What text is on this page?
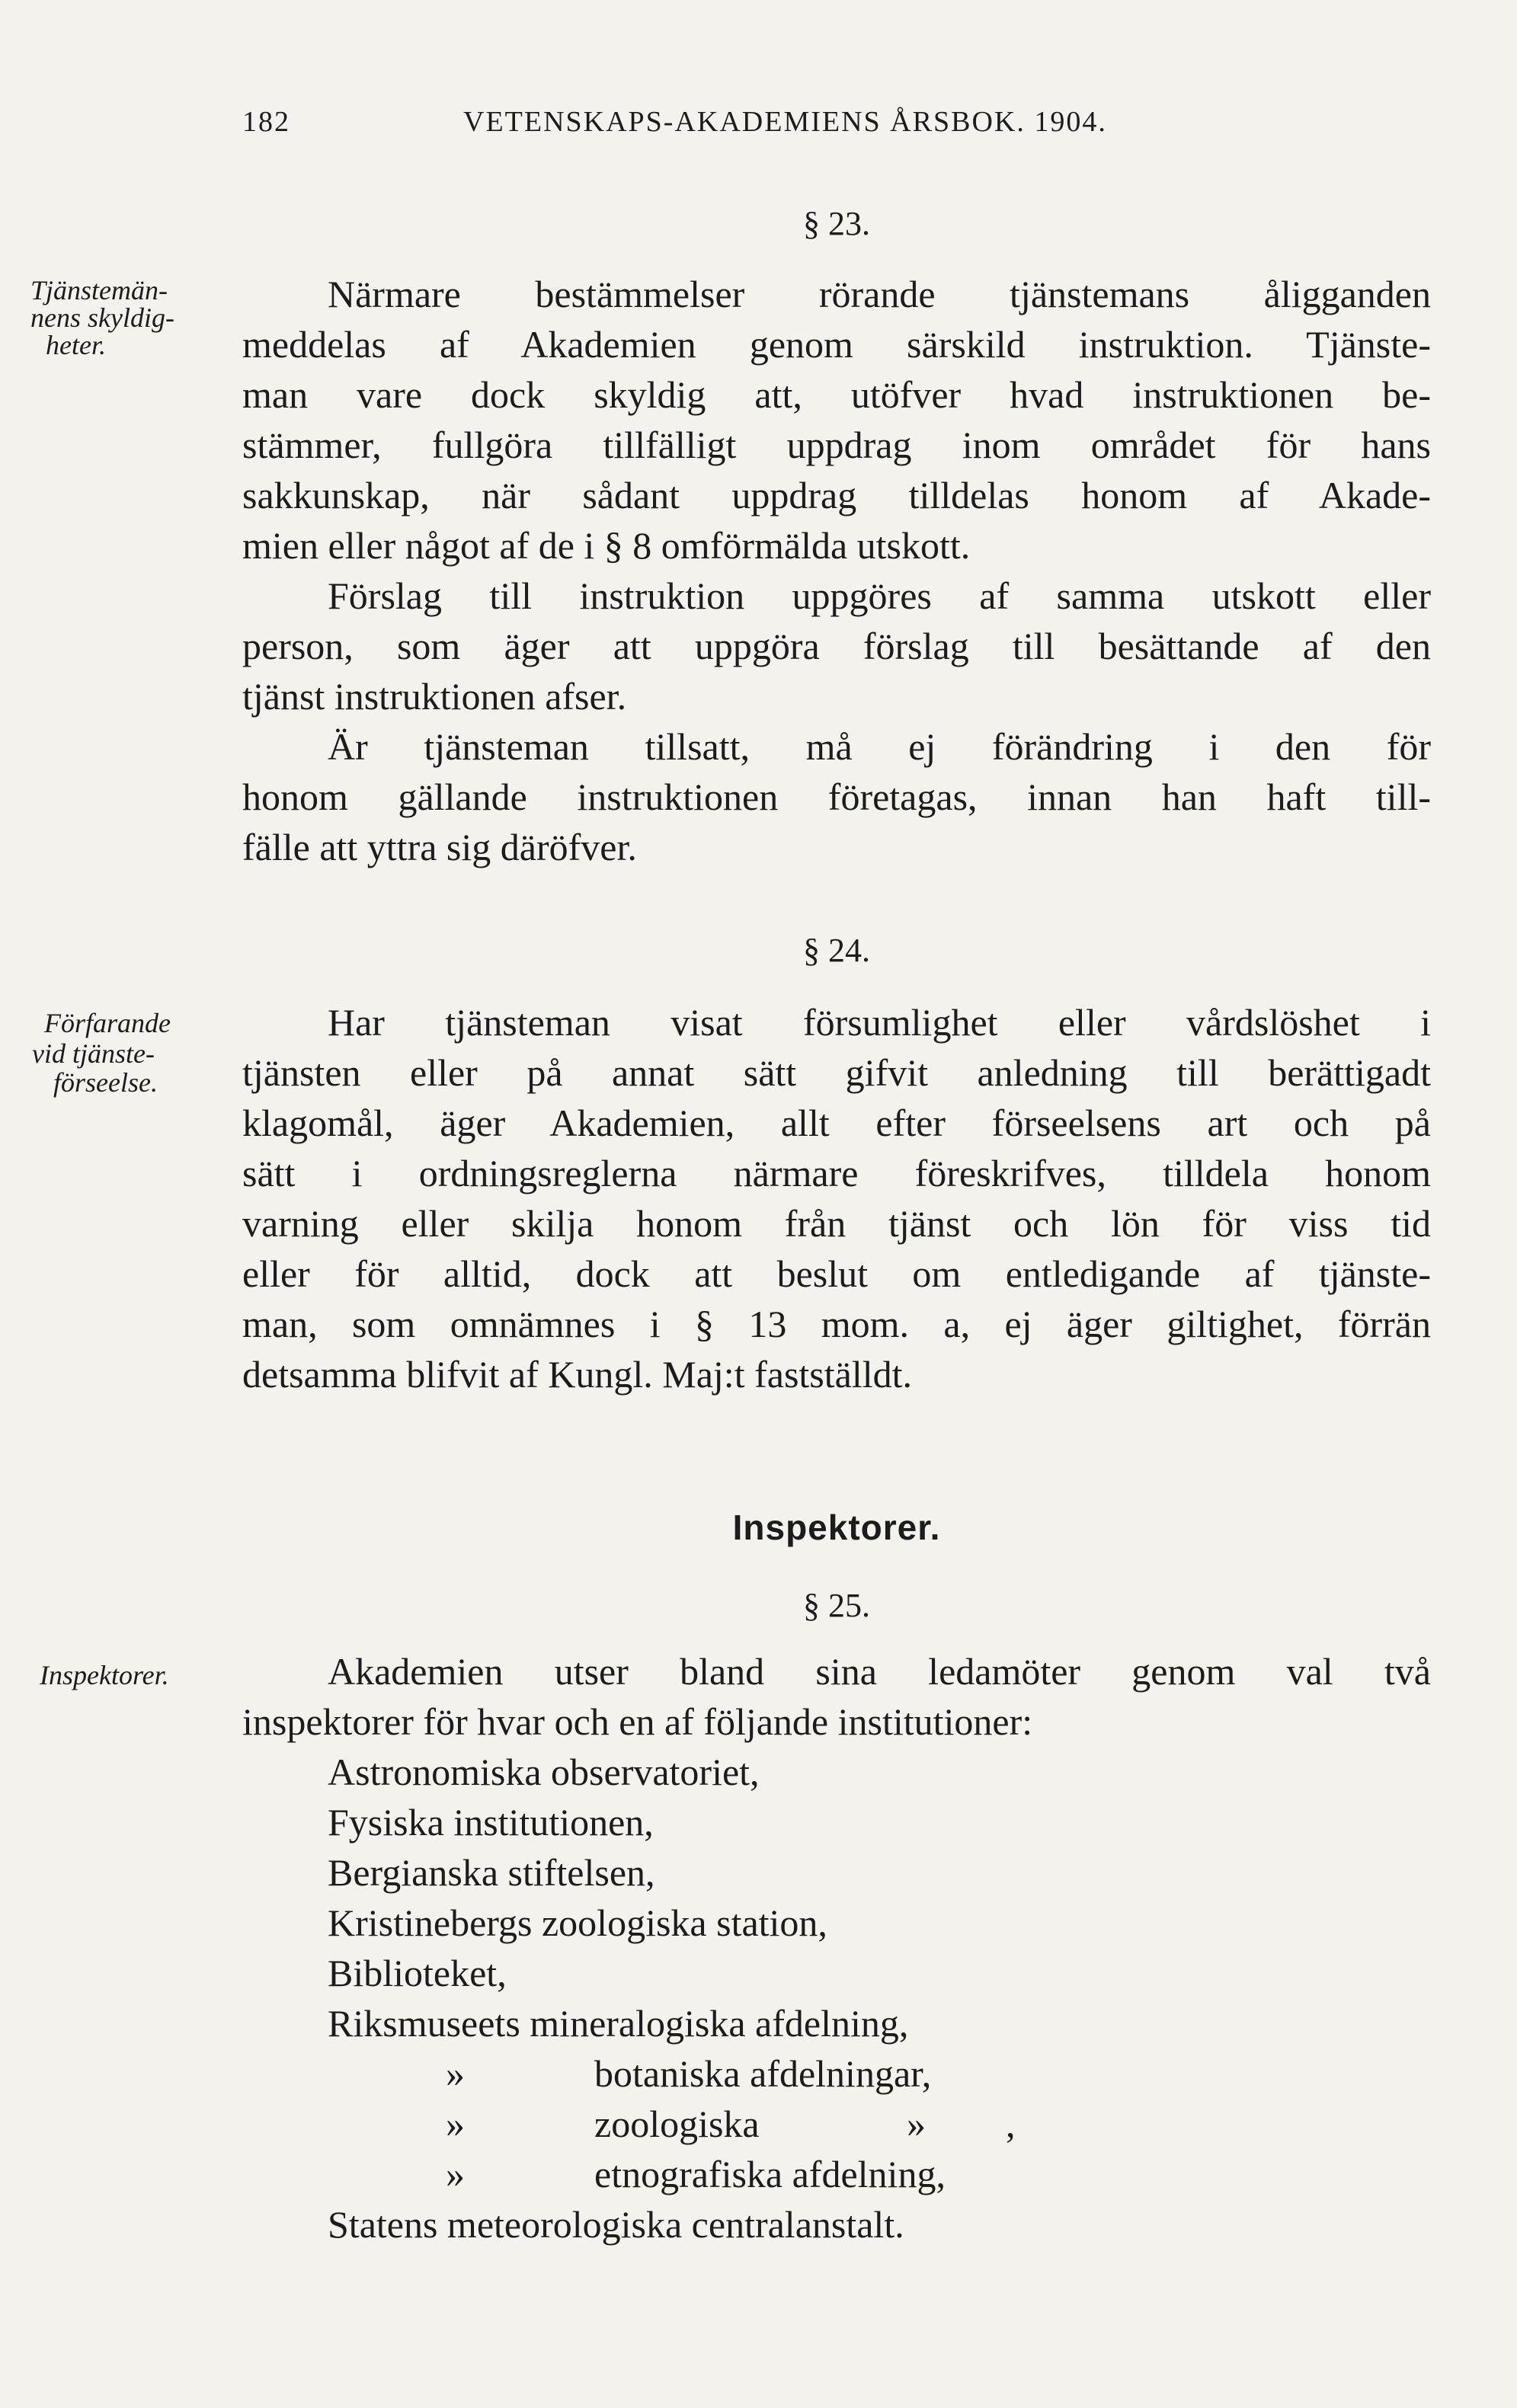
182	VETENSKAPS-AKADEMIENS ÅRSBOK. 1904.
§ 23.
Tjänstemän-
nens skyldig-
heter.
Närmare bestämmelser rörande tjänstemans åligganden
meddelas af Akademien genom särskild instruktion. Tjänste-
man vare dock skyldig att, utöfver hvad instruktionen be-
stämmer, fullgöra tillfälligt uppdrag inom området för hans
sakkunskap, när sådant uppdrag tilldelas honom af Akade-
mien eller något af de i § 8 omförmälda utskott.
Förslag till instruktion uppgöres af samma utskott eller
person, som äger att uppgöra förslag till besättande af den
tjänst instruktionen afser.
Är tjänsteman tillsatt, må ej förändring i den för
honom gällande instruktionen företagas, innan han haft till-
fälle att yttra sig däröfver.
§ 24.
Förfarande
vid tjänste-
förseelse.
Har tjänsteman visat försumlighet eller vårdslöshet i
tjänsten eller på annat sätt gifvit anledning till berättigadt
klagomål, äger Akademien, allt efter förseelsens art och på
sätt i ordningsreglerna närmare föreskrifves, tilldela honom
varning eller skilja honom från tjänst och lön för viss tid
eller för alltid, dock att beslut om entledigande af tjänste-
man, som omnämnes i § 13 mom. a, ej äger giltighet, förrän
detsamma blifvit af Kungl. Maj:t fastställdt.
Inspektorer.
§ 25.
Inspektorer.	Akademien utser bland sina ledamöter genom val två
inspektorer för hvar och en af följande institutioner:
Astronomiska observatoriet,
Fysiska institutionen,
Bergianska stiftelsen,
Kristinebergs zoologiska station,
Biblioteket,
Riksmuseets mineralogiska afdelning,
»	botaniska afdelningar,
»	zoologiska	» ,
»	etnografiska afdelning,
Statens meteorologiska centralanstalt.
